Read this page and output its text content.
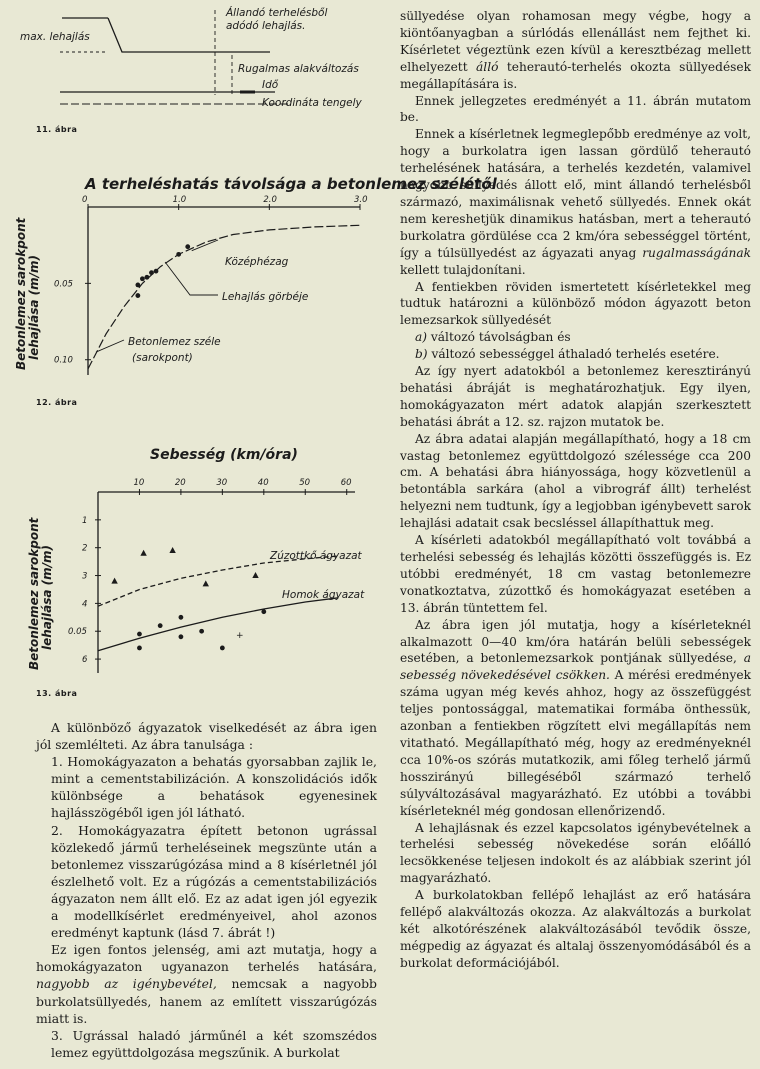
max. lehajlás
Állandó terhelésből
adódó lehajlás.
Rugalmas alakváltozás
Idő
Koordináta tengely
11. ábra
A terheléshatás távolsága a betonlemez szélétől
Betonlemez sarokpont lehajlása (m/m)	Középhézag
Lehajlás görbéje
Betonlemez széle
(sarokpont)
0	1.0	2.0	3.0
0.05
0.10
12. ábra
Sebesség (km/óra)
Betonlemez sarokpont lehajlása (m/m)	Zúzottkő ágyazat
Homok ágyazat
10	20	30	40	50	60
1
2
3
4
0.05
6
+
13. ábra

A különböző ágyazatok viselkedését az ábra igen jól szemlélteti. Az ábra tanulsága :

1. Homokágyazaton a behatás gyorsabban zajlik le, mint a cementstabilizáción. A konszolidációs idők különbsége a behatások egyenesinek hajlásszögéből igen jól látható.

2. Homokágyazatra épített betonon ugrással közlekedő jármű terheléseinek megszünte után a betonlemez visszarúgózása mind a 8 kísérletnél jól észlelhető volt. Ez a rúgózás a cementstabilizációs ágyazaton nem állt elő. Ez az adat igen jól egyezik a modellkísérlet eredményeivel, ahol azonos eredményt kaptunk (lásd 7. ábrát !)

Ez igen fontos jelenség, ami azt mutatja, hogy a homokágyazaton ugyanazon terhelés hatására, nagyobb az igénybevétel, nemcsak a nagyobb burkolatsüllyedés, hanem az említett visszarúgózás miatt is.

3. Ugrással haladó járműnél a két szomszédos lemez együttdolgozása megszűnik. A burkolat

süllyedése olyan rohamosan megy végbe, hogy a kiöntőanyagban a súrlódás ellenállást nem fejthet ki. Kísérletet végeztünk ezen kívül a keresztbézag mellett elhelyezett álló teherautó-terhelés okozta süllyedések megállapítására is.

Ennek jellegzetes eredményét a 11. ábrán mutatom be.

Ennek a kísérletnek legmeglepőbb eredménye az volt, hogy a burkolatra igen lassan gördülő teherautó terhelésének hatására, a terhelés kezdetén, valamivel nagyobb süllyedés állott elő, mint állandó terhelésből származó, maximálisnak vehető süllyedés. Ennek okát nem kereshetjük dinamikus hatásban, mert a teherautó burkolatra gördülése cca 2 km/óra sebességgel történt, így a túlsüllyedést az ágyazati anyag rugalmasságának kellett tulajdonítani.

A fentiekben röviden ismertetett kísérletekkel meg tudtuk határozni a különböző módon ágyazott beton lemezsarkok süllyedését

a) változó távolságban és

b) változó sebességgel áthaladó terhelés esetére.

Az így nyert adatokból a betonlemez keresztirányú behatási ábráját is meghatározhatjuk. Egy ilyen, homokágyazaton mért adatok alapján szerkesztett behatási ábrát a 12. sz. rajzon mutatok be.

Az ábra adatai alapján megállapítható, hogy a 18 cm vastag betonlemez együttdolgozó szélessége cca 200 cm. A behatási ábra hiányossága, hogy közvetlenül a betontábla sarkára (ahol a vibrográf állt) terhelést helyezni nem tudtunk, így a legjobban igénybevett sarok lehajlási adatait csak becsléssel állapíthattuk meg.

A kísérleti adatokból megállapítható volt továbbá a terhelési sebesség és lehajlás közötti összefüggés is. Ez utóbbi eredményét, 18 cm vastag betonlemezre vonatkoztatva, zúzottkő és homokágyazat esetében a 13. ábrán tüntettem fel.

Az ábra igen jól mutatja, hogy a kísérleteknél alkalmazott 0—40 km/óra határán belüli sebességek esetében, a betonlemezsarkok pontjának süllyedése, a sebesség növekedésével csökken. A mérési eredmények száma ugyan még kevés ahhoz, hogy az összefüggést teljes pontossággal, matematikai formába önthessük, azonban a fentiekben rögzített elvi megállapítás nem vitatható. Megállapítható még, hogy az eredményeknél cca 10%-os szórás mutatkozik, ami főleg terhelő jármű hosszirányú billegéséből származó terhelő súlyváltozásával magyarázható. Ez utóbbi a további kísérleteknél még gondosan ellenőrizendő.

A lehajlásnak és ezzel kapcsolatos igénybevételnek a terhelési sebesség növekedése során előálló lecsökkenése teljesen indokolt és az alábbiak szerint jól magyarázható.

A burkolatokban fellépő lehajlást az erő hatására fellépő alakváltozás okozza. Az alakváltozás a burkolat két alkotórészének alakváltozásából tevődik össze, mégpedig az ágyazat és altalaj összenyomódásából és a burkolat deformációjából.
